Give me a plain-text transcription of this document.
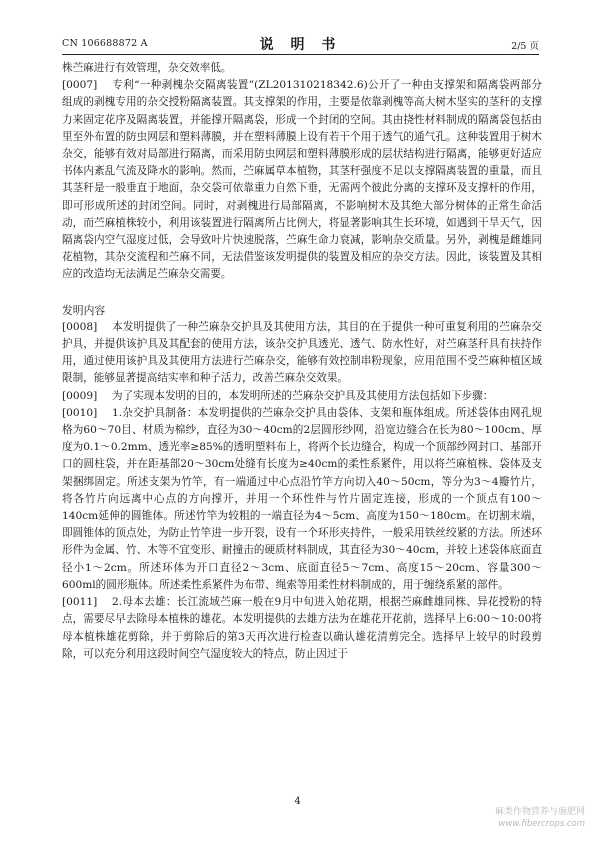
CN 106688872 A	说 明 书	2/5 页

株苎麻进行有效管理，杂交效率低。

[0007] 专利“一种剥槐杂交隔离装置”(ZL201310218342.6)公开了一种由支撑架和隔离袋两部分组成的剥槐专用的杂交授粉隔离装置。其支撑架的作用，主要是依靠剥槐等高大树木坚实的茎秆的支撑力来固定花序及隔离装置，并能撑开隔离袋，形成一个封闭的空间。其由挠性材料制成的隔离袋包括由里至外布置的防虫网层和塑料薄膜，并在塑料薄膜上设有若干个用于透气的通气孔。这种装置用于树木杂交，能够有效对局部进行隔离，而采用防虫网层和塑料薄膜形成的层状结构进行隔离，能够更好适应书体内紊乱气流及降水的影响。然而，苎麻属草本植物，其茎秆强度不足以支撑隔离装置的重量，而且其茎秆是一般垂直于地面，杂交袋可依靠重力自然下垂，无需两个彼此分离的支撑环及支撑杆的作用，即可形成所述的封闭空间。同时，对剥槐进行局部隔离，不影响树木及其绝大部分树体的正常生命活动，而苎麻植株较小，利用该装置进行隔离所占比例大，将显著影响其生长环境，如遇到干旱天气，因隔离袋内空气湿度过低，会导致叶片快速脱落，苎麻生命力衰减，影响杂交质量。另外，剥槐是雌雄同花植物，其杂交流程和苎麻不同，无法借鉴该发明提供的装置及相应的杂交方法。因此，该装置及其相应的改造均无法满足苎麻杂交需要。

发明内容

[0008] 本发明提供了一种苎麻杂交护具及其使用方法，其目的在于提供一种可重复利用的苎麻杂交护具，并提供该护具及其配套的使用方法，该杂交护具透光、透气、防水性好，对苎麻茎秆具有扶持作用，通过使用该护具及其使用方法进行苎麻杂交，能够有效控制串粉现象，应用范围不受苎麻种植区域限制，能够显著提高结实率和种子活力，改善苎麻杂交效果。

[0009] 为了实现本发明的目的，本发明所述的苎麻杂交护具及其使用方法包括如下步骤：

[0010] 1.杂交护具制备：本发明提供的苎麻杂交护具由袋体、支架和瓶体组成。所述袋体由网孔规格为60～70目、材质为棉纱，直径为30～40cm的2层圆形纱网，沿宽边缝合在长为80～100cm、厚度为0.1～0.2mm、透光率≥85%的透明塑料布上，将两个长边缝合，构成一个顶部纱网封口、基部开口的圆柱袋，并在距基部20～30cm处缝有长度为≥40cm的柔性系紧件，用以将苎麻植株、袋体及支架捆绑固定。所述支架为竹竿，有一端通过中心点沿竹竿方向切入40～50cm，等分为3～4瓣竹片，将各竹片向远离中心点的方向撑开，并用一个环性件与竹片固定连接，形成的一个顶点有100～140cm延伸的圆锥体。所述竹竿为较粗的一端直径为4～5cm、高度为150～180cm。在切割末端，即圆锥体的顶点处，为防止竹竿进一步开裂，设有一个环形夹持件，一般采用铁丝绞紧的方法。所述环形件为金属、竹、木等不宜变形、耐撞击的硬质材料制成，其直径为30～40cm，并较上述袋体底面直径小1～2cm。所述环体为开口直径2～3cm、底面直径5～7cm、高度15～20cm、容量300～600ml的圆形瓶体。所述柔性系紧件为布带、绳索等用柔性材料制成的，用于缠绕系紧的部件。

[0011] 2.母本去雄：长江流域苎麻一般在9月中旬进入始花期，根据苎麻雌雄同株、异花授粉的特点，需要尽早去除母本植株的雄花。本发明提供的去雄方法为在雄花开花前，选择早上6:00～10:00将母本植株雄花剪除，并于剪除后的第3天再次进行检查以确认雄花清剪完全。选择早上较早的时段剪除，可以充分利用这段时间空气湿度较大的特点，防止因过于

4
麻类作物营养与施肥网
www.fibercrops.com
